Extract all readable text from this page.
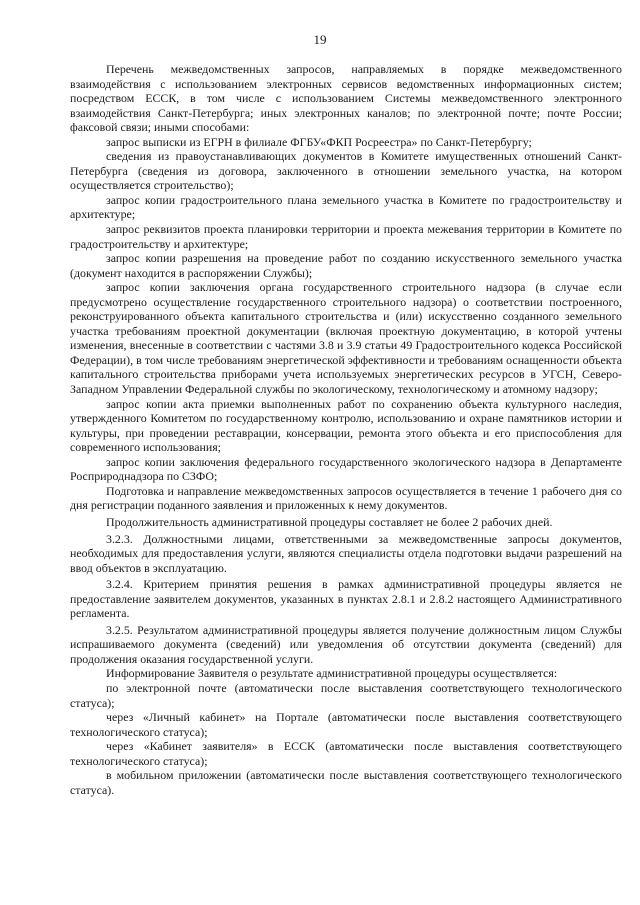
19

Перечень межведомственных запросов, направляемых в порядке межведомственного взаимодействия с использованием электронных сервисов ведомственных информационных систем; посредством ЕССК, в том числе с использованием Системы межведомственного электронного взаимодействия Санкт-Петербурга; иных электронных каналов; по электронной почте; почте России; факсовой связи; иными способами:

запрос выписки из ЕГРН в филиале ФГБУ«ФКП Росреестра» по Санкт-Петербургу;

сведения из правоустанавливающих документов в Комитете имущественных отношений Санкт-Петербурга (сведения из договора, заключенного в отношении земельного участка, на котором осуществляется строительство);

запрос копии градостроительного плана земельного участка в Комитете по градостроительству и архитектуре;

запрос реквизитов проекта планировки территории и проекта межевания территории в Комитете по градостроительству и архитектуре;

запрос копии разрешения на проведение работ по созданию искусственного земельного участка (документ находится в распоряжении Службы);

запрос копии заключения органа государственного строительного надзора (в случае если предусмотрено осуществление государственного строительного надзора) о соответствии построенного, реконструированного объекта капитального строительства и (или) искусственно созданного земельного участка требованиям проектной документации (включая проектную документацию, в которой учтены изменения, внесенные в соответствии с частями 3.8 и 3.9 статьи 49 Градостроительного кодекса Российской Федерации), в том числе требованиям энергетической эффективности и требованиям оснащенности объекта капитального строительства приборами учета используемых энергетических ресурсов в УГСН, Северо-Западном Управлении Федеральной службы по экологическому, технологическому и атомному надзору;

запрос копии акта приемки выполненных работ по сохранению объекта культурного наследия, утвержденного Комитетом по государственному контролю, использованию и охране памятников истории и культуры, при проведении реставрации, консервации, ремонта этого объекта и его приспособления для современного использования;

запрос копии заключения федерального государственного экологического надзора в Департаменте Росприроднадзора по СЗФО;

Подготовка и направление межведомственных запросов осуществляется в течение 1 рабочего дня со дня регистрации поданного заявления и приложенных к нему документов.

Продолжительность административной процедуры составляет не более 2 рабочих дней.

3.2.3. Должностными лицами, ответственными за межведомственные запросы документов, необходимых для предоставления услуги, являются специалисты отдела подготовки выдачи разрешений на ввод объектов в эксплуатацию.

3.2.4. Критерием принятия решения в рамках административной процедуры является не предоставление заявителем документов, указанных в пунктах 2.8.1 и 2.8.2 настоящего Административного регламента.

3.2.5. Результатом административной процедуры является получение должностным лицом Службы испрашиваемого документа (сведений) или уведомления об отсутствии документа (сведений) для продолжения оказания государственной услуги.

Информирование Заявителя о результате административной процедуры осуществляется:

по электронной почте (автоматически после выставления соответствующего технологического статуса);

через «Личный кабинет» на Портале (автоматически после выставления соответствующего технологического статуса);

через «Кабинет заявителя» в ЕССК (автоматически после выставления соответствующего технологического статуса);

в мобильном приложении (автоматически после выставления соответствующего технологического статуса).
